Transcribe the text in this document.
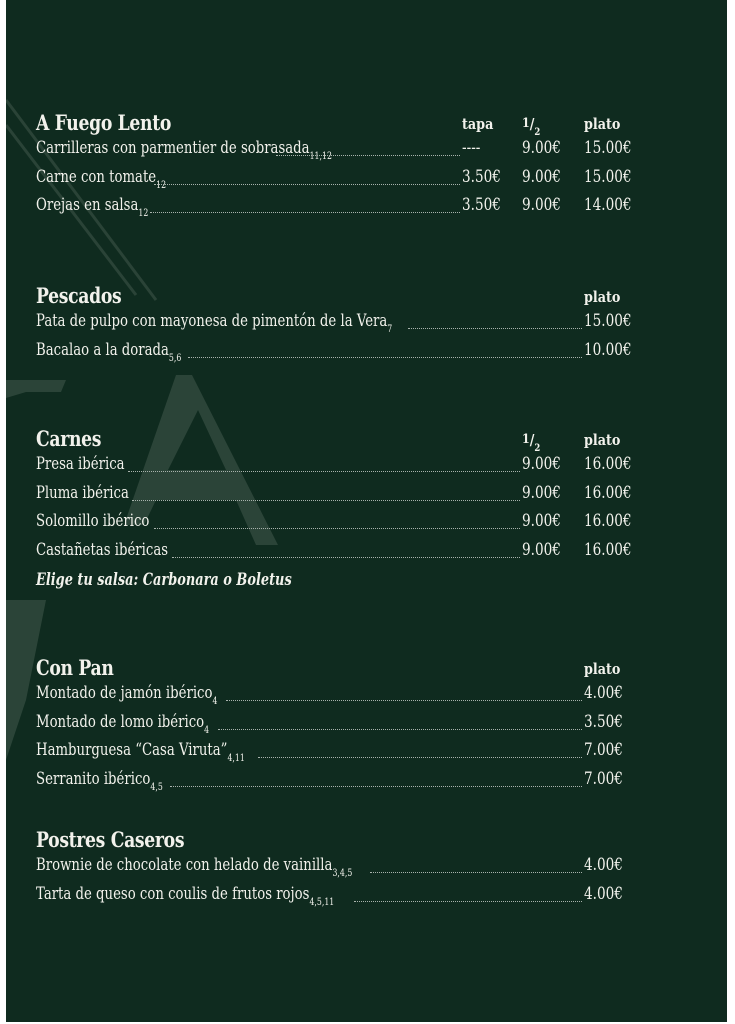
A Fuego Lento	tapa $1/_2$	plato
Carrilleras con parmentier de sobrasada$_{11,12}$	---- 9.00€ 15.00€
Carne con tomate$_{12}$	3.50€ 9.00€ 15.00€
Orejas en salsa$_{12}$	3.50€ 9.00€ 14.00€
Pescados	plato
Pata de pulpo con mayonesa de pimentón de la Vera$_7$	15.00€
Bacalao a la dorada$_{5,6}$	10.00€
Carnes	$1/_2$	plato
Presa ibérica	9.00€ 16.00€
Pluma ibérica	9.00€ 16.00€
Solomillo ibérico	9.00€ 16.00€
Castañetas ibéricas	9.00€ 16.00€
Elige tu salsa: Carbonara o Boletus
Con Pan	plato
Montado de jamón ibérico$_4$	4.00€
Montado de lomo ibérico$_4$	3.50€
Hamburguesa “Casa $Viruta”_{4,11}$	7.00€
Serranito ibérico$_{4,5}$	7.00€
Postres Caseros
Brownie de chocolate con helado de vainilla$_{3,4,5}$	4.00€
Tarta de queso con coulis de frutos rojos$_{4,5,11}$	4.00€
